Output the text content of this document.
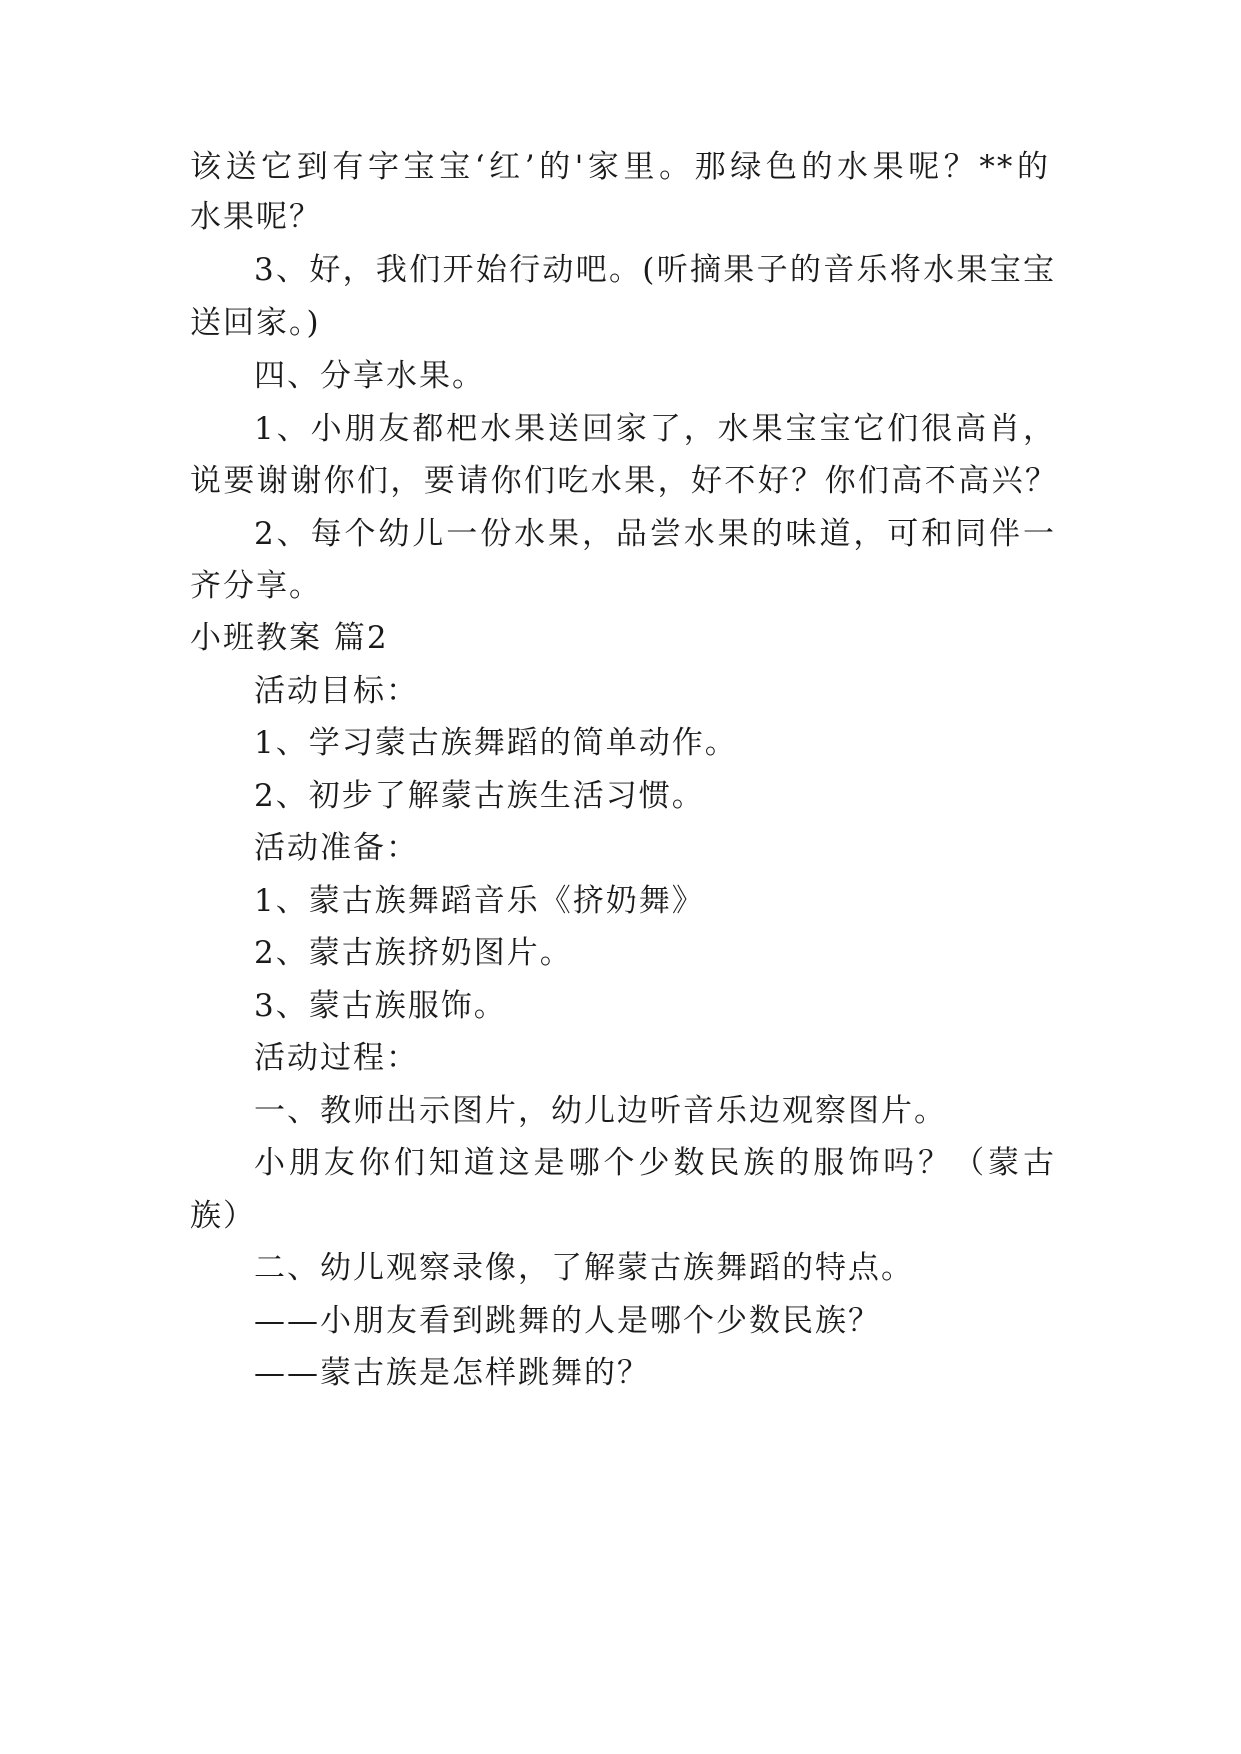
该送它到有字宝宝‘红’的'家里。那绿色的水果呢？**的

水果呢？

3、好，我们开始行动吧。(听摘果子的音乐将水果宝宝

送回家。)

四、分享水果。

1、小朋友都杷水果送回家了，水果宝宝它们很高肖，

说要谢谢你们，要请你们吃水果，好不好？你们高不高兴？

2、每个幼儿一份水果，品尝水果的味道，可和同伴一

齐分享。

小班教案 篇2

活动目标：

1、学习蒙古族舞蹈的简单动作。

2、初步了解蒙古族生活习惯。

活动准备：

1、蒙古族舞蹈音乐《挤奶舞》

2、蒙古族挤奶图片。

3、蒙古族服饰。

活动过程：

一、教师出示图片，幼儿边听音乐边观察图片。

小朋友你们知道这是哪个少数民族的服饰吗？（蒙古

族）

二、幼儿观察录像，了解蒙古族舞蹈的特点。

——小朋友看到跳舞的人是哪个少数民族？

——蒙古族是怎样跳舞的？
